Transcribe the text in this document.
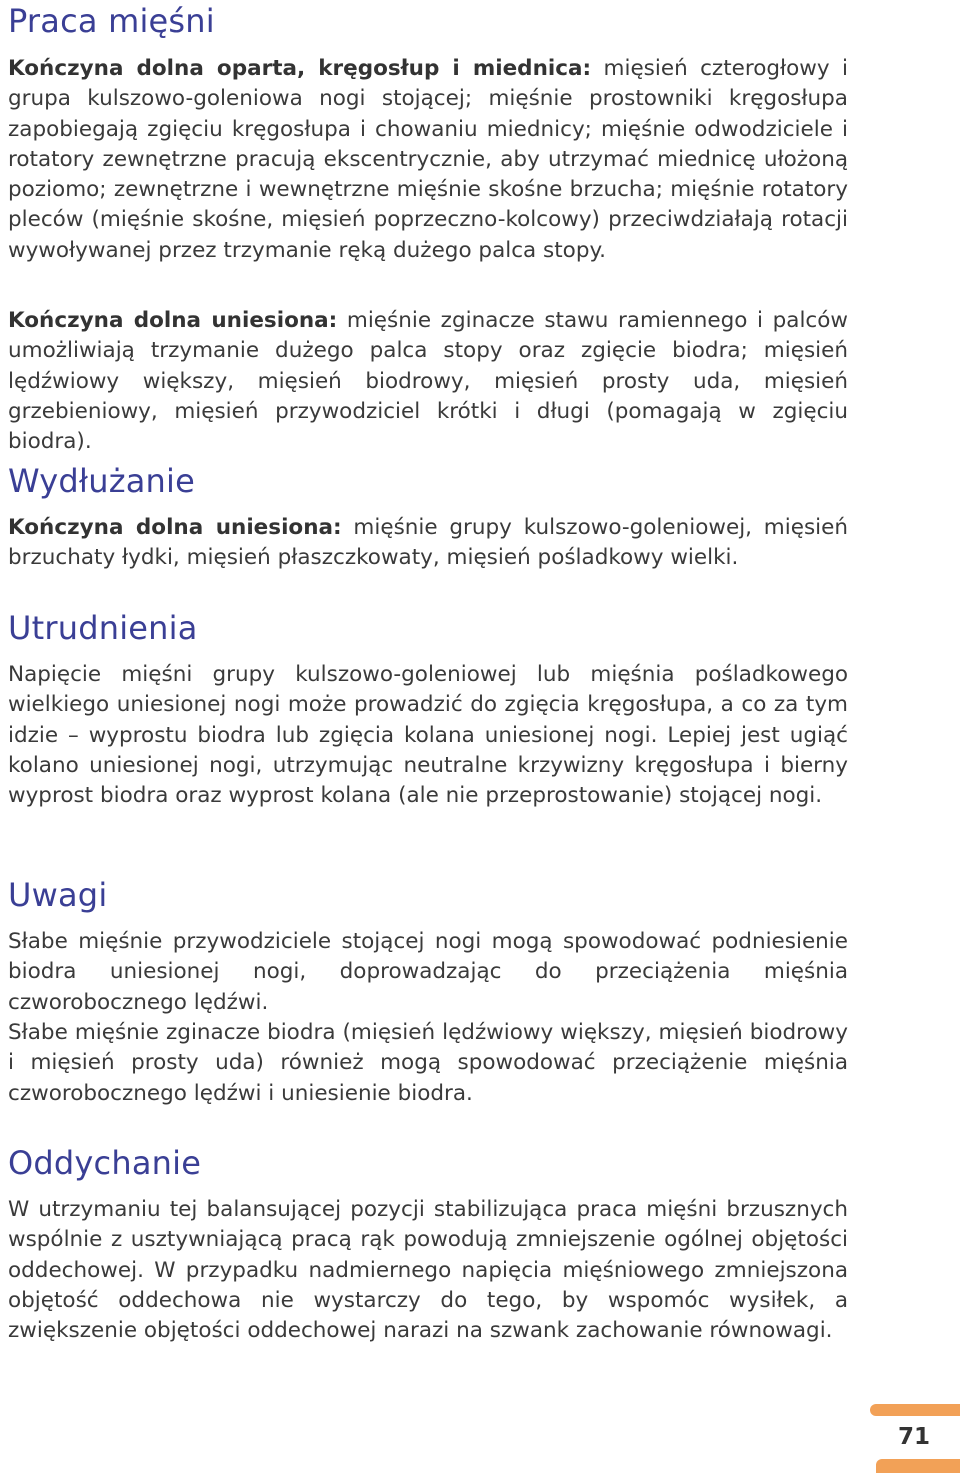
Praca mięśni

Kończyna dolna oparta, kręgosłup i miednica: mięsień czterogłowy i grupa kulszowo-goleniowa nogi stojącej; mięśnie prostowniki kręgosłupa zapobiegają zgięciu kręgosłupa i chowaniu miednicy; mięśnie odwodziciele i rotatory zewnętrzne pracują ekscentrycznie, aby utrzymać miednicę ułożoną poziomo; zewnętrzne i wewnętrzne mięśnie skośne brzucha; mięśnie rotatory pleców (mięśnie skośne, mięsień poprzeczno-kolcowy) przeciwdziałają rotacji wywoływanej przez trzymanie ręką dużego palca stopy.

Kończyna dolna uniesiona: mięśnie zginacze stawu ramiennego i palców umożliwiają trzymanie dużego palca stopy oraz zgięcie biodra; mięsień lędźwiowy większy, mięsień biodrowy, mięsień prosty uda, mięsień grzebieniowy, mięsień przywodziciel krótki i długi (pomagają w zgięciu biodra).

Wydłużanie

Kończyna dolna uniesiona: mięśnie grupy kulszowo-goleniowej, mięsień brzuchaty łydki, mięsień płaszczkowaty, mięsień pośladkowy wielki.

Utrudnienia

Napięcie mięśni grupy kulszowo-goleniowej lub mięśnia pośladkowego wielkiego uniesionej nogi może prowadzić do zgięcia kręgosłupa, a co za tym idzie – wyprostu biodra lub zgięcia kolana uniesionej nogi. Lepiej jest ugiąć kolano uniesionej nogi, utrzymując neutralne krzywizny kręgosłupa i bierny wyprost biodra oraz wyprost kolana (ale nie przeprostowanie) stojącej nogi.

Uwagi

Słabe mięśnie przywodziciele stojącej nogi mogą spowodować podniesienie biodra uniesionej nogi, doprowadzając do przeciążenia mięśnia czworobocznego lędźwi.

Słabe mięśnie zginacze biodra (mięsień lędźwiowy większy, mięsień biodrowy i mięsień prosty uda) również mogą spowodować przeciążenie mięśnia czworobocznego lędźwi i uniesienie biodra.

Oddychanie

W utrzymaniu tej balansującej pozycji stabilizująca praca mięśni brzusznych wspólnie z usztywniającą pracą rąk powodują zmniejszenie ogólnej objętości oddechowej. W przypadku nadmiernego napięcia mięśniowego zmniejszona objętość oddechowa nie wystarczy do tego, by wspomóc wysiłek, a zwiększenie objętości oddechowej narazi na szwank zachowanie równowagi.

71
